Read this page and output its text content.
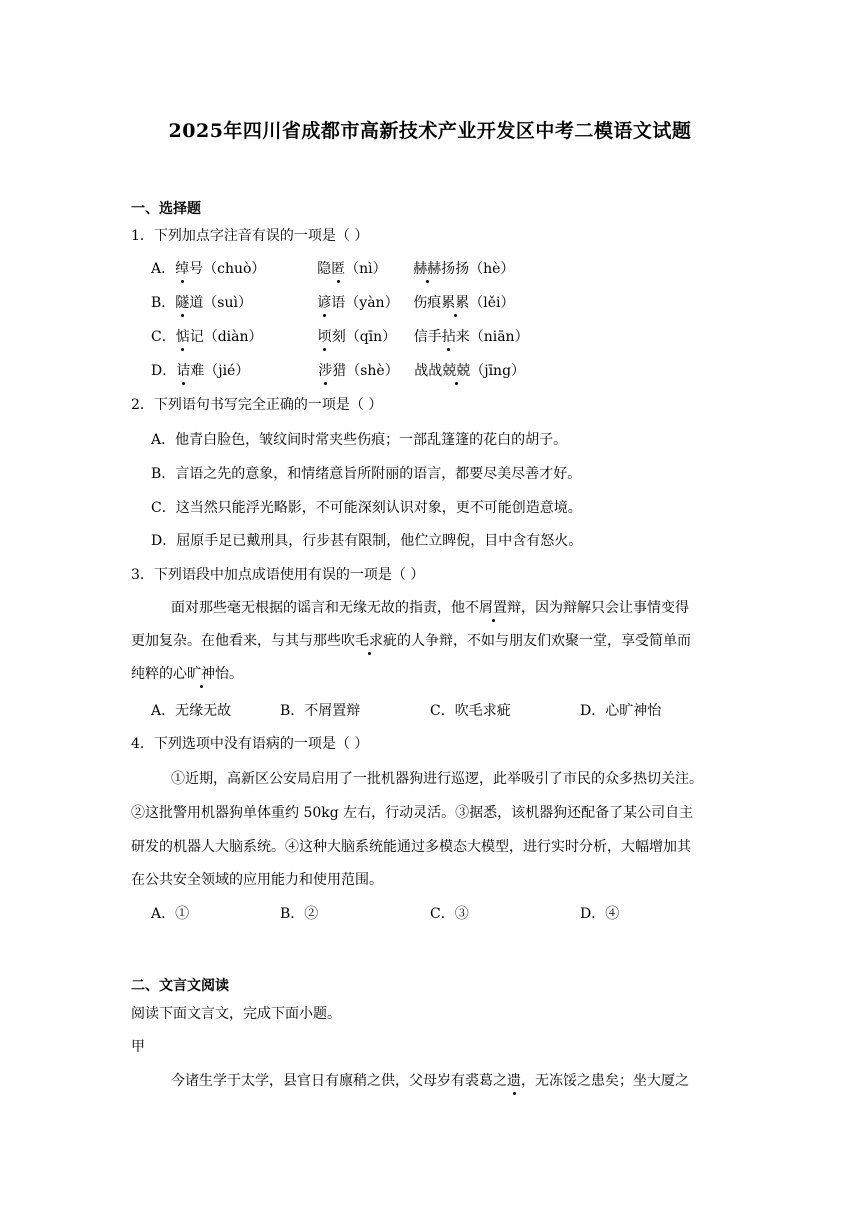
2025年四川省成都市高新技术产业开发区中考二模语文试题
一、选择题
1．下列加点字注音有误的一项是（ ）
A．绰号（chuò）	隐匿（nì） 赫赫扬扬（hè）
B．隧道（suì）	谚语（yàn） 伤痕累累（lěi）
C．惦记（diàn）	顷刻（qīn） 信手拈来（niān）
D．诘难（jié）	涉猎（shè） 战战兢兢（jīng）
2．下列语句书写完全正确的一项是（ ）
A．他青白脸色，皱纹间时常夹些伤痕；一部乱篷篷的花白的胡子。
B．言语之先的意象，和情绪意旨所附丽的语言，都要尽美尽善才好。
C．这当然只能浮光略影，不可能深刻认识对象，更不可能创造意境。
D．屈原手足已戴刑具，行步甚有限制，他伫立睥倪，目中含有怒火。
3．下列语段中加点成语使用有误的一项是（ ）
面对那些毫无根据的谣言和无缘无故的指责，他不屑置辩，因为辩解只会让事情变得
更加复杂。在他看来，与其与那些吹毛求疵的人争辩，不如与朋友们欢聚一堂，享受简单而
纯粹的心旷神怡。
A．无缘无故	B．不屑置辩	C．吹毛求疵	D．心旷神怡
4．下列选项中没有语病的一项是（ ）
①近期，高新区公安局启用了一批机器狗进行巡逻，此举吸引了市民的众多热切关注。
②这批警用机器狗单体重约 50kg 左右，行动灵活。③据悉，该机器狗还配备了某公司自主
研发的机器人大脑系统。④这种大脑系统能通过多模态大模型，进行实时分析，大幅增加其
在公共安全领域的应用能力和使用范围。
A．①	B．②	C．③	D．④
二、文言文阅读
阅读下面文言文，完成下面小题。
甲
今诸生学于太学，县官日有廪稍之供，父母岁有裘葛之遗，无冻馁之患矣；坐大厦之
